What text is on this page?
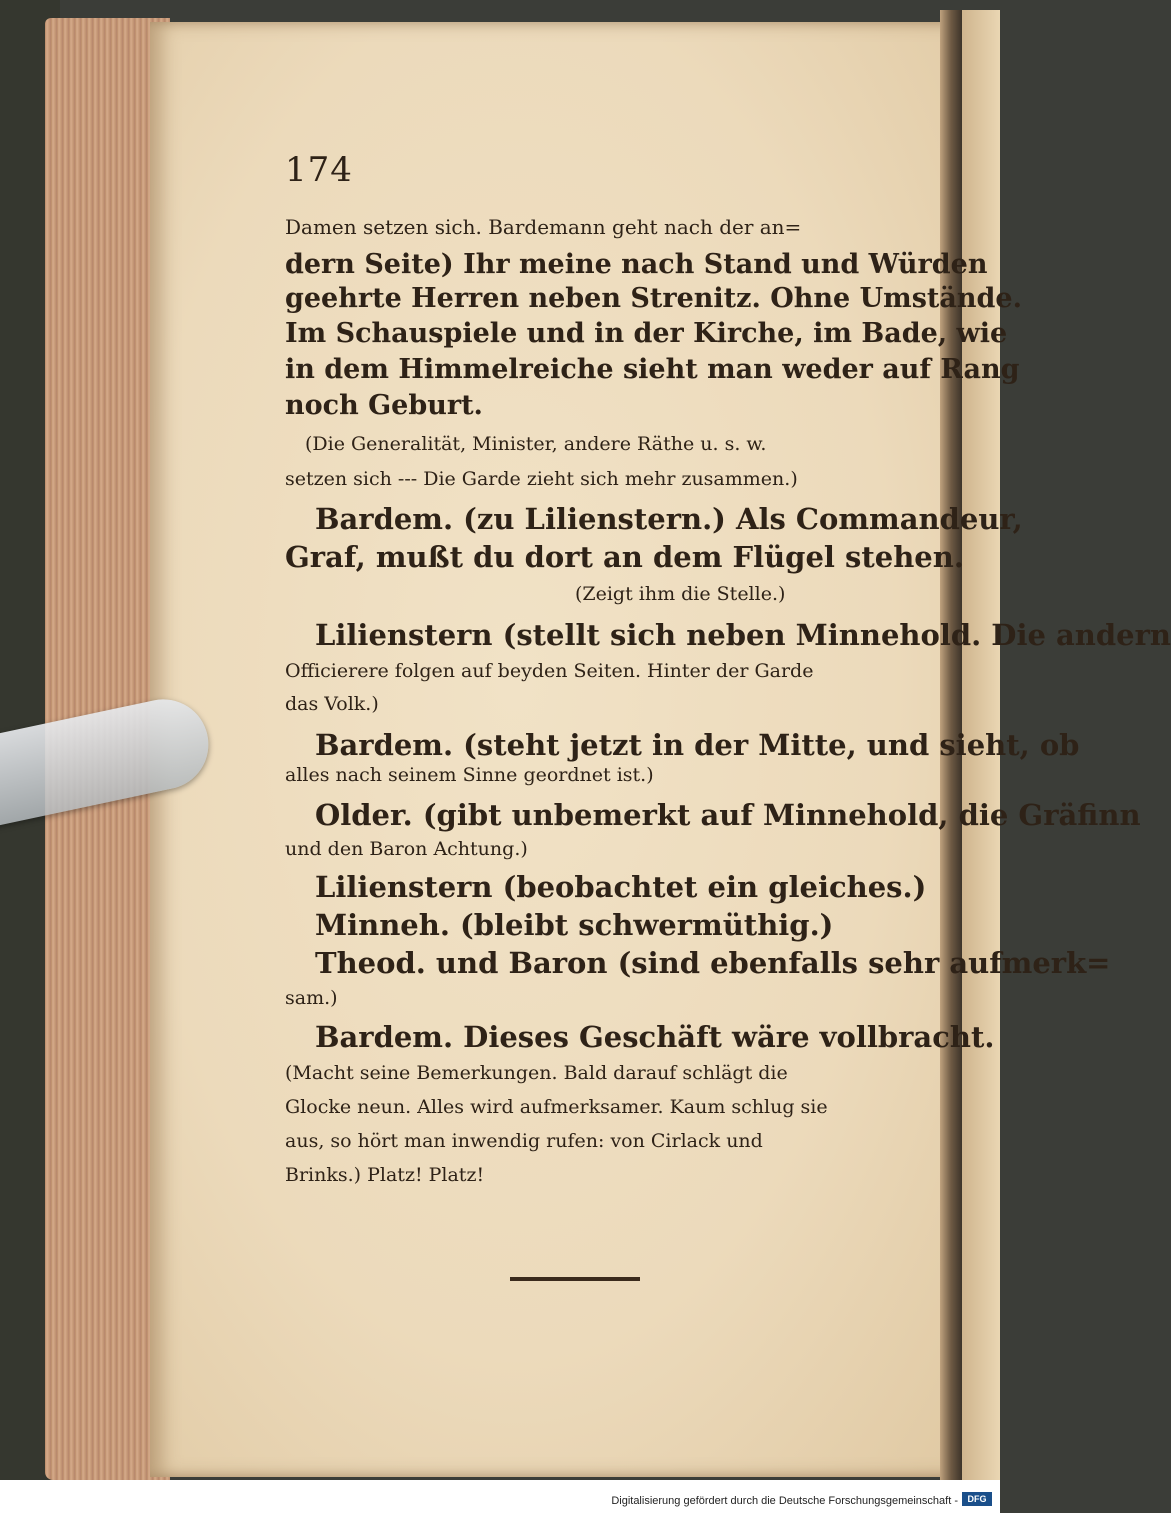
174
Damen setzen sich. Bardemann geht nach der an=
dern Seite) Ihr meine nach Stand und Würden
geehrte Herren neben Strenitz. Ohne Umstände.
Im Schauspiele und in der Kirche, im Bade, wie
in dem Himmelreiche sieht man weder auf Rang
noch Geburt.
(Die Generalität, Minister, andere Räthe u. s. w.
setzen sich --- Die Garde zieht sich mehr zusammen.)
Bardem. (zu Lilienstern.) Als Commandeur,
Graf, mußt du dort an dem Flügel stehen.
(Zeigt ihm die Stelle.)
Lilienstern (stellt sich neben Minnehold. Die andern
Officierere folgen auf beyden Seiten. Hinter der Garde
das Volk.)
Bardem. (steht jetzt in der Mitte, und sieht, ob
alles nach seinem Sinne geordnet ist.)
Older. (gibt unbemerkt auf Minnehold, die Gräfinn
und den Baron Achtung.)
Lilienstern (beobachtet ein gleiches.)
Minneh. (bleibt schwermüthig.)
Theod. und Baron (sind ebenfalls sehr aufmerk=
sam.)
Bardem. Dieses Geschäft wäre vollbracht.
(Macht seine Bemerkungen. Bald darauf schlägt die
Glocke neun. Alles wird aufmerksamer. Kaum schlug sie
aus, so hört man inwendig rufen: von Cirlack und
Brinks.) Platz! Platz!
Digitalisierung gefördert durch die Deutsche Forschungsgemeinschaft -	DFG
